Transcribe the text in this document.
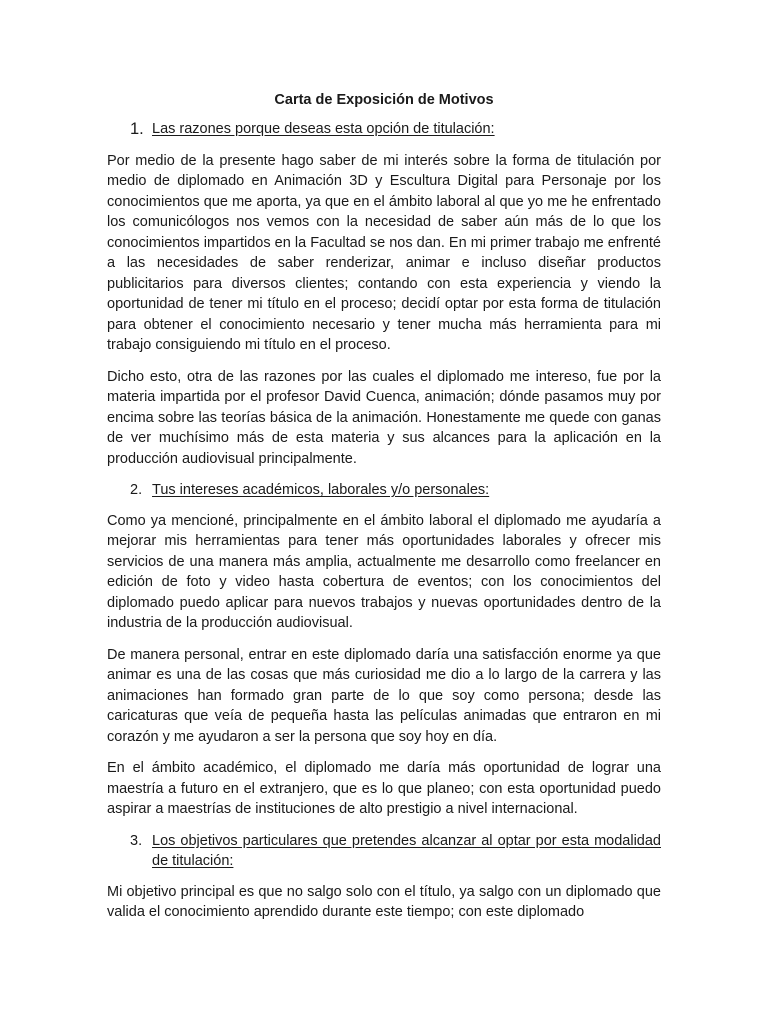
Carta de Exposición de Motivos
1. Las razones porque deseas esta opción de titulación:

Por medio de la presente hago saber de mi interés sobre la forma de titulación por medio de diplomado en Animación 3D y Escultura Digital para Personaje por los conocimientos que me aporta, ya que en el ámbito laboral al que yo me he enfrentado los comunicólogos nos vemos con la necesidad de saber aún más de lo que los conocimientos impartidos en la Facultad se nos dan. En mi primer trabajo me enfrenté a las necesidades de saber renderizar, animar e incluso diseñar productos publicitarios para diversos clientes; contando con esta experiencia y viendo la oportunidad de tener mi título en el proceso; decidí optar por esta forma de titulación para obtener el conocimiento necesario y tener mucha más herramienta para mi trabajo consiguiendo mi título en el proceso.

Dicho esto, otra de las razones por las cuales el diplomado me intereso, fue por la materia impartida por el profesor David Cuenca, animación; dónde pasamos muy por encima sobre las teorías básica de la animación. Honestamente me quede con ganas de ver muchísimo más de esta materia y sus alcances para la aplicación en la producción audiovisual principalmente.

2. Tus intereses académicos, laborales y/o personales:

Como ya mencioné, principalmente en el ámbito laboral el diplomado me ayudaría a mejorar mis herramientas para tener más oportunidades laborales y ofrecer mis servicios de una manera más amplia, actualmente me desarrollo como freelancer en edición de foto y video hasta cobertura de eventos; con los conocimientos del diplomado puedo aplicar para nuevos trabajos y nuevas oportunidades dentro de la industria de la producción audiovisual.

De manera personal, entrar en este diplomado daría una satisfacción enorme ya que animar es una de las cosas que más curiosidad me dio a lo largo de la carrera y las animaciones han formado gran parte de lo que soy como persona; desde las caricaturas que veía de pequeña hasta las películas animadas que entraron en mi corazón y me ayudaron a ser la persona que soy hoy en día.

En el ámbito académico, el diplomado me daría más oportunidad de lograr una maestría a futuro en el extranjero, que es lo que planeo; con esta oportunidad puedo aspirar a maestrías de instituciones de alto prestigio a nivel internacional.

3. Los objetivos particulares que pretendes alcanzar al optar por esta modalidad de titulación:

Mi objetivo principal es que no salgo solo con el título, ya salgo con un diplomado que valida el conocimiento aprendido durante este tiempo; con este diplomado
